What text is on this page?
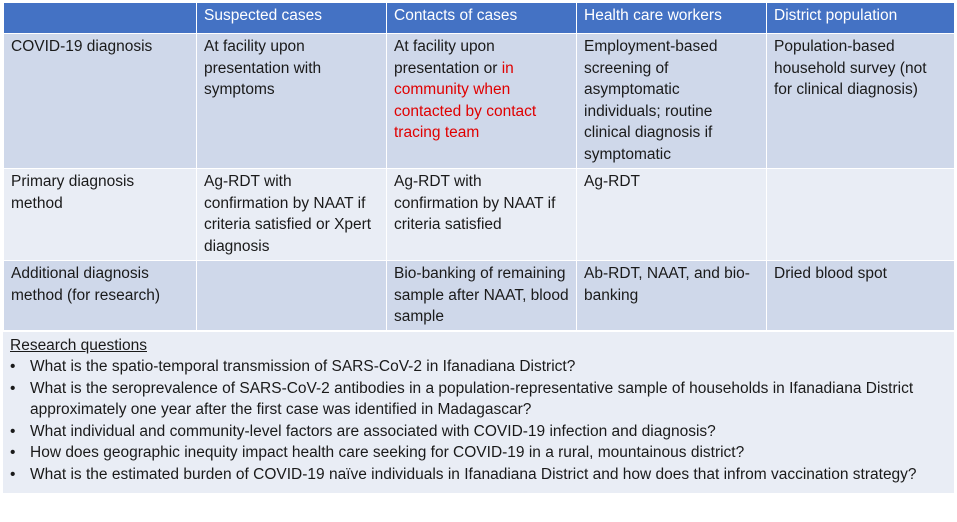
	Suspected cases	Contacts of cases	Health care workers	District population
COVID-19 diagnosis	At facility upon presentation with symptoms	At facility upon presentation or in community when contacted by contact tracing team	Employment-based screening of asymptomatic individuals; routine clinical diagnosis if symptomatic	Population-based household survey (not for clinical diagnosis)
Primary diagnosis method	Ag-RDT with confirmation by NAAT if criteria satisfied or Xpert diagnosis	Ag-RDT with confirmation by NAAT if criteria satisfied	Ag-RDT	
Additional diagnosis method (for research)		Bio-banking of remaining sample after NAAT, blood sample	Ab-RDT, NAAT, and bio-banking	Dried blood spot
Research questions
• What is the spatio-temporal transmission of SARS-CoV-2 in Ifanadiana District?
• What is the seroprevalence of SARS-CoV-2 antibodies in a population-representative sample of households in Ifanadiana District approximately one year after the first case was identified in Madagascar?
• What individual and community-level factors are associated with COVID-19 infection and diagnosis?
• How does geographic inequity impact health care seeking for COVID-19 in a rural, mountainous district?
• What is the estimated burden of COVID-19 naïve individuals in Ifanadiana District and how does that infrom vaccination strategy?
